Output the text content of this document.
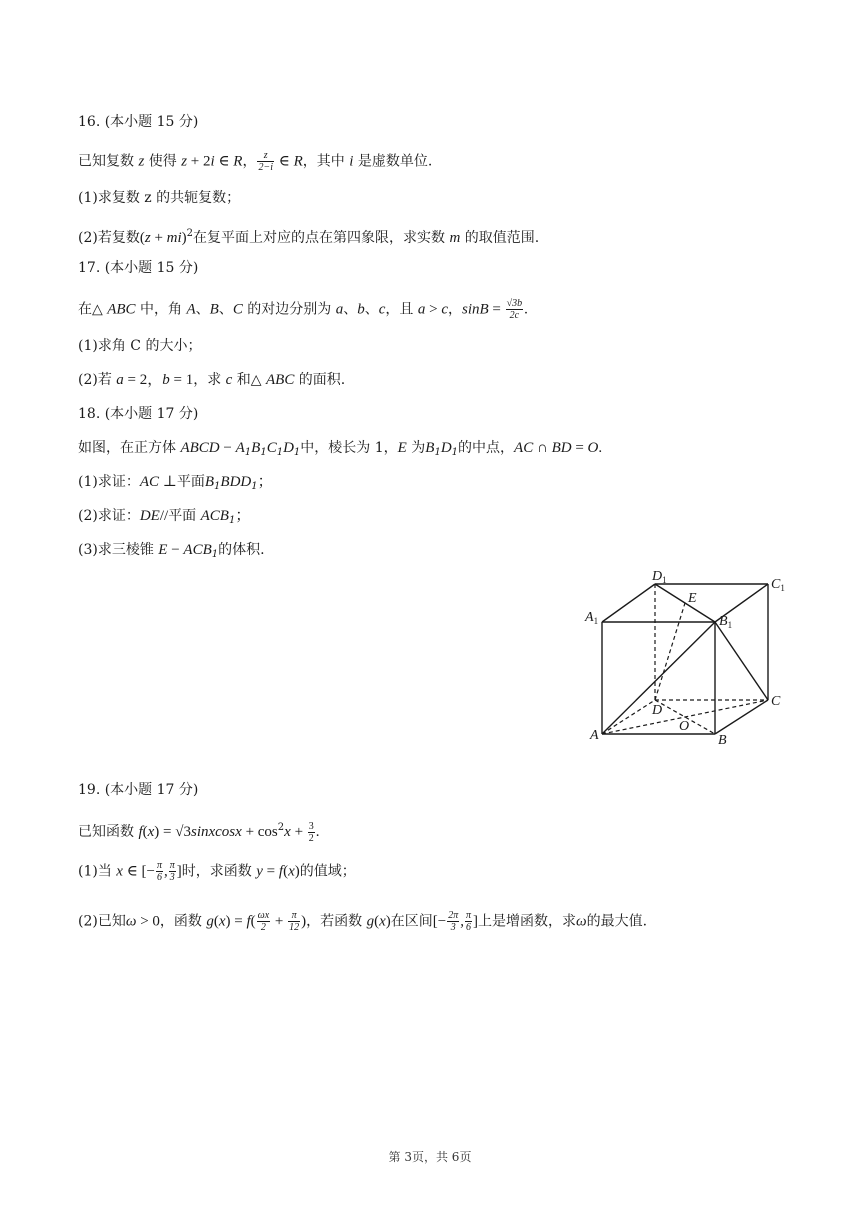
16. (本小题 15 分)
已知复数 z 使得 z + 2i ∈ R， $\frac{z}{2-i}$ ∈ R，其中 i 是虚数单位.
(1)求复数 z 的共轭复数；
(2)若复数(z + mi)$^2$在复平面上对应的点在第四象限，求实数 m 的取值范围.
17. (本小题 15 分)
在△ ABC 中，角 A、B、C 的对边分别为 a、b、c，且 a > c，$\sin B = \frac{√3b}{2c}$ .
(1)求角 C 的大小；
(2)若 a = 2，b = 1，求 c 和△ ABC 的面积.
18. (本小题 17 分)
如图，在正方体 ABCD − $A_1B_1C_1D_1$中，棱长为 1，E 为$B_1D_1$的中点，AC ∩ BD = O.
(1)求证：AC ⊥平面$B_1BDD_1$；
(2)求证：DE//平面 $ACB_1$；
(3)求三棱锥 $E - ACB_1$的体积.
$D_1$	$C_1$
$A_1$	$B_1$
E
D
C
O
A	B
19. (本小题 17 分)
已知函数 f(x) = √3sinxcosx + $\cos^2x + \frac{3}{2}$ .
(1)当 x ∈ [− $\frac{\pi}{6}$ , $\frac{\pi}{3}$ ]时，求函数 y = f(x)的值域；
(2)已知ω > 0，函数 $g(x) = f( \frac{\omega x}{2} + \frac{\pi}{12}$ )，若函数 g(x)在区间[− $\frac{2\pi}{3}$ , $\frac{\pi}{6}$ ]上是增函数，求ω的最大值.
第 3页，共 6页
